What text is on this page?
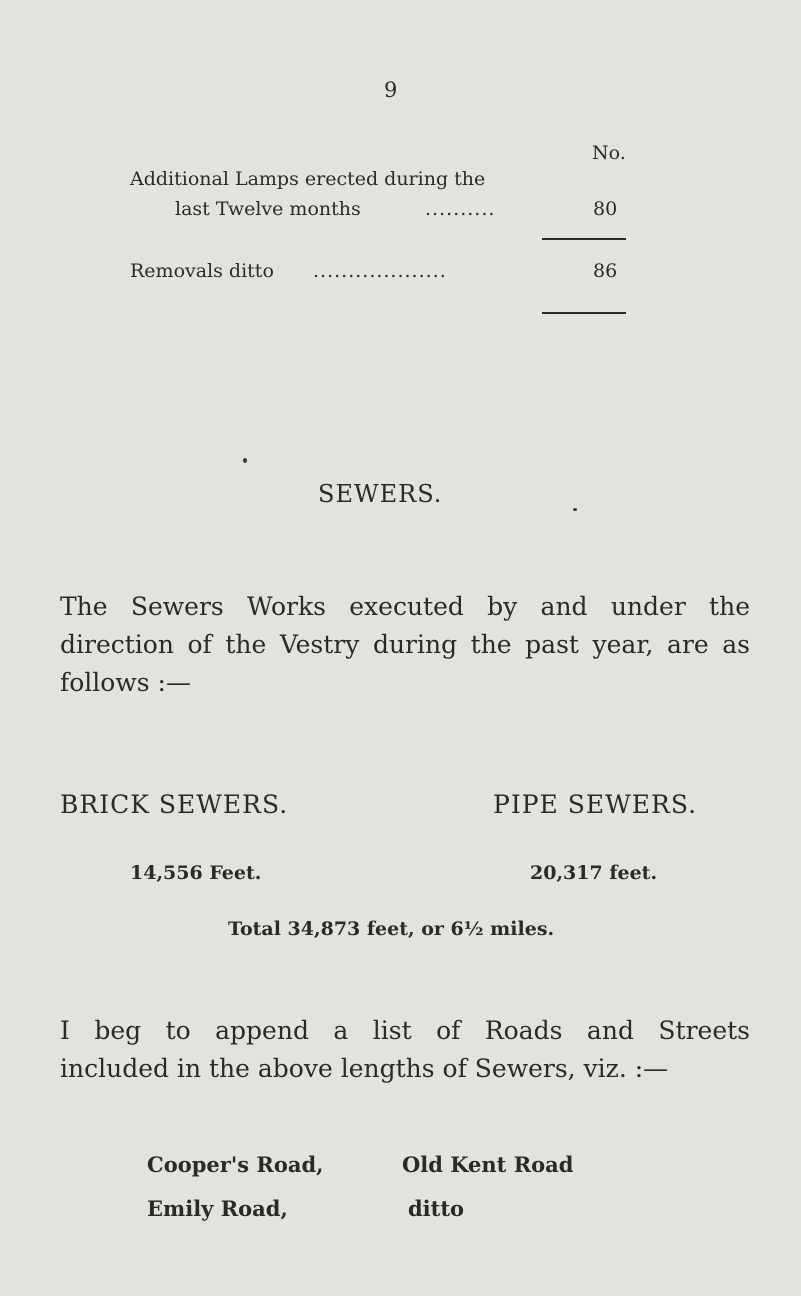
9
No.
Additional Lamps erected during the
last Twelve months	..........	80
Removals ditto ...................	86
SEWERS.
The Sewers Works executed by and under the
direction of the Vestry during the past year, are as
follows :—
BRICK SEWERS.	PIPE SEWERS.
14,556 Feet.	20,317 feet.
Total 34,873 feet, or 6½ miles.
I beg to append a list of Roads and Streets
included in the above lengths of Sewers, viz. :—
Cooper's Road,	Old Kent Road
Emily Road,	ditto
